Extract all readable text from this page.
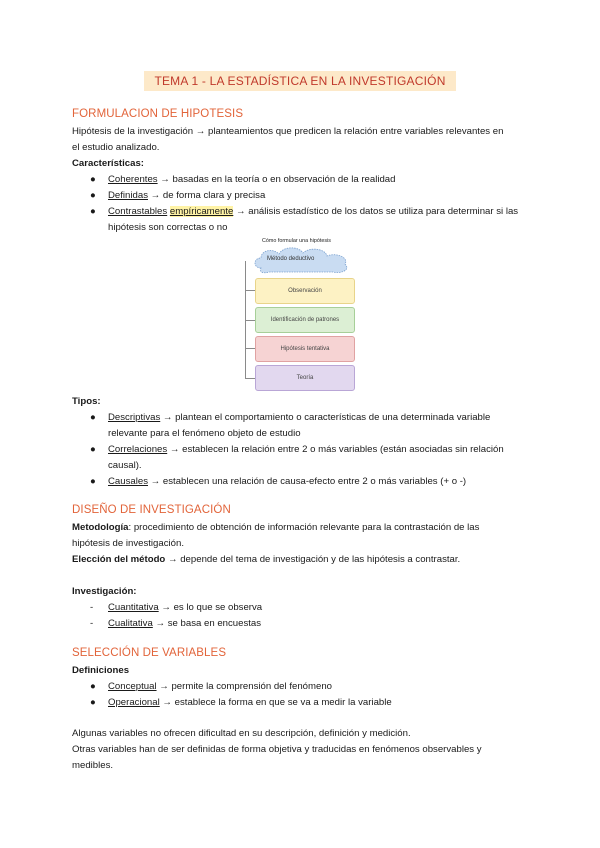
TEMA 1 - LA ESTADÍSTICA EN LA INVESTIGACIÓN
FORMULACION DE HIPOTESIS
Hipótesis de la investigación → planteamientos que predicen la relación entre variables relevantes en
el estudio analizado.
Características:
●	Coherentes → basadas en la teoría o en observación de la realidad
●	Definidas → de forma clara y precisa
●	Contrastables empíricamente → análisis estadístico de los datos se utiliza para determinar si las hipótesis son correctas o no
Cómo formular una hipótesis
Método deductivo
Observación
Identificación de patrones
Hipótesis tentativa
Teoría
Tipos:
●	Descriptivas → plantean el comportamiento o características de una determinada variable relevante para el fenómeno objeto de estudio
●	Correlaciones → establecen la relación entre 2 o más variables (están asociadas sin relación causal).
●	Causales → establecen una relación de causa-efecto entre 2 o más variables (+ o -)
DISEÑO DE INVESTIGACIÓN
Metodología: procedimiento de obtención de información relevante para la contrastación de las
hipótesis de investigación.
Elección del método → depende del tema de investigación y de las hipótesis a contrastar.
Investigación:
-	Cuantitativa → es lo que se observa
-	Cualitativa → se basa en encuestas
SELECCIÓN DE VARIABLES
Definiciones
●	Conceptual → permite la comprensión del fenómeno
●	Operacional → establece la forma en que se va a medir la variable
Algunas variables no ofrecen dificultad en su descripción, definición y medición.
Otras variables han de ser definidas de forma objetiva y traducidas en fenómenos observables y
medibles.
